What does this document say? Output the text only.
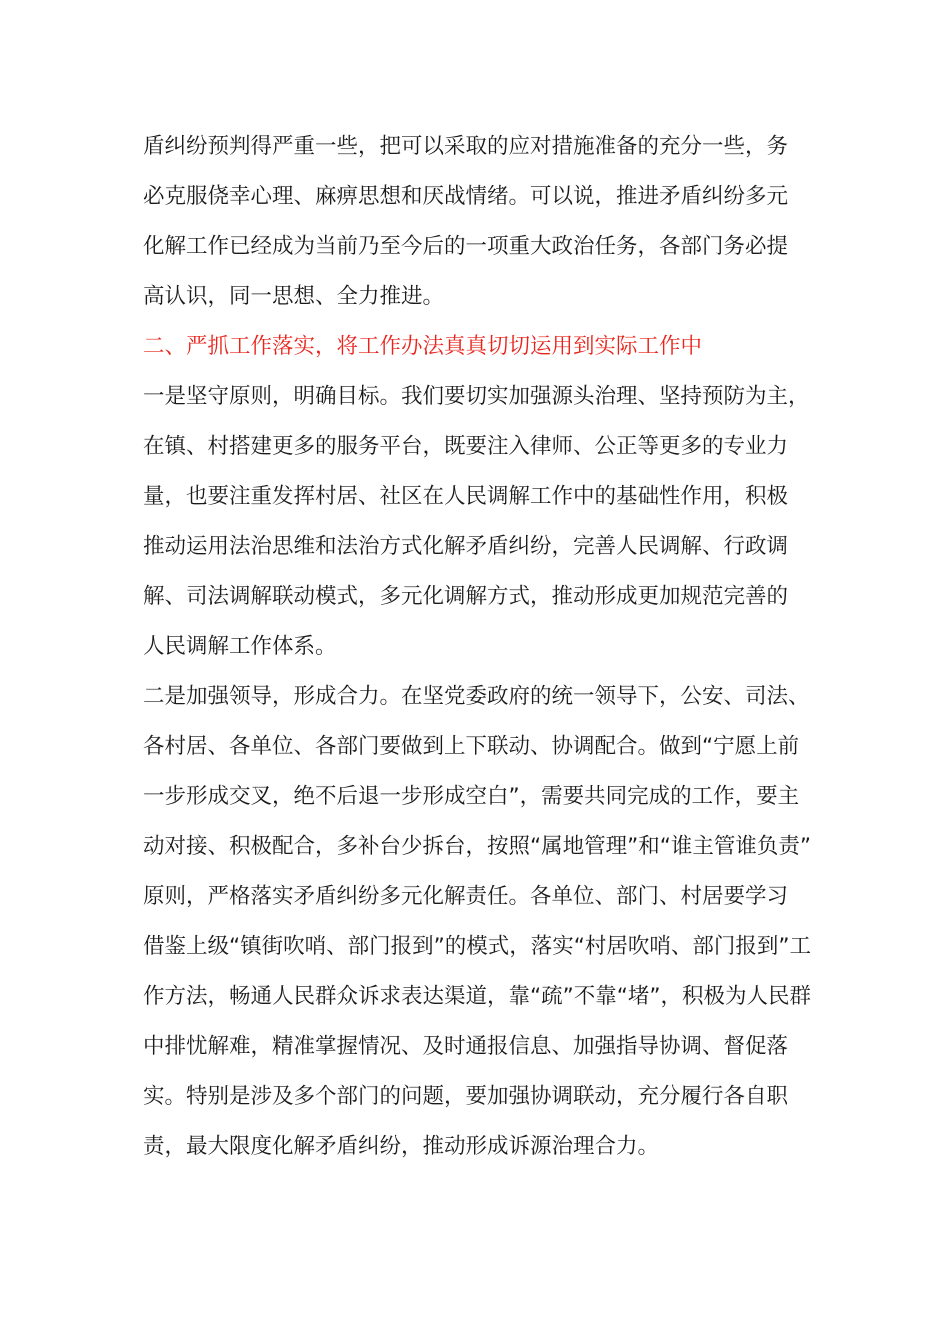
盾纠纷预判得严重一些，把可以采取的应对措施准备的充分一些，务
必克服侥幸心理、麻痹思想和厌战情绪。可以说，推进矛盾纠纷多元
化解工作已经成为当前乃至今后的一项重大政治任务，各部门务必提
高认识，同一思想、全力推进。
二、严抓工作落实，将工作办法真真切切运用到实际工作中
一是坚守原则，明确目标。我们要切实加强源头治理、坚持预防为主，
在镇、村搭建更多的服务平台，既要注入律师、公正等更多的专业力
量，也要注重发挥村居、社区在人民调解工作中的基础性作用，积极
推动运用法治思维和法治方式化解矛盾纠纷，完善人民调解、行政调
解、司法调解联动模式，多元化调解方式，推动形成更加规范完善的
人民调解工作体系。
二是加强领导，形成合力。在坚党委政府的统一领导下，公安、司法、
各村居、各单位、各部门要做到上下联动、协调配合。做到“宁愿上前
一步形成交叉，绝不后退一步形成空白”，需要共同完成的工作，要主
动对接、积极配合，多补台少拆台，按照“属地管理”和“谁主管谁负责”
原则，严格落实矛盾纠纷多元化解责任。各单位、部门、村居要学习
借鉴上级“镇街吹哨、部门报到”的模式，落实“村居吹哨、部门报到”工
作方法，畅通人民群众诉求表达渠道，靠“疏”不靠“堵”，积极为人民群
中排忧解难，精准掌握情况、及时通报信息、加强指导协调、督促落
实。特别是涉及多个部门的问题，要加强协调联动，充分履行各自职
责，最大限度化解矛盾纠纷，推动形成诉源治理合力。
